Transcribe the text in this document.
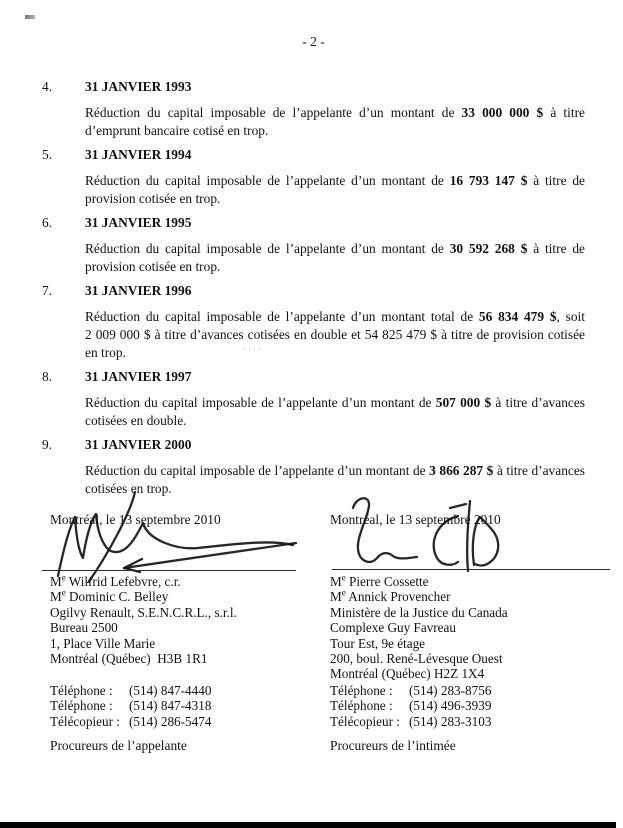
- 2 -
4.	31 JANVIER 1993

Réduction du capital imposable de l’appelante d’un montant de 33 000 000 $ à titre d’emprunt bancaire cotisé en trop.

5.	31 JANVIER 1994

Réduction du capital imposable de l’appelante d’un montant de 16 793 147 $ à titre de provision cotisée en trop.

6.	31 JANVIER 1995

Réduction du capital imposable de l’appelante d’un montant de 30 592 268 $ à titre de provision cotisée en trop.

7.	31 JANVIER 1996

Réduction du capital imposable de l’appelante d’un montant total de 56 834 479 $, soit 2 009 000 $ à titre d’avances cotisées en double et 54 825 479 $ à titre de provision cotisée en trop.

8.	31 JANVIER 1997

Réduction du capital imposable de l’appelante d’un montant de 507 000 $ à titre d’avances cotisées en double.

9.	31 JANVIER 2000

Réduction du capital imposable de l’appelante d’un montant de 3 866 287 $ à titre d’avances cotisées en trop.

····
Montréal, le 13 septembre 2010	Montréal, le 13 septembre 2010
Me Wilfrid Lefebvre, c.r.
Me Dominic C. Belley
Ogilvy Renault, S.E.N.C.R.L., s.r.l.
Bureau 2500
1, Place Ville Marie
Montréal (Québec)  H3B 1R1
Me Pierre Cossette
Me Annick Provencher
Ministère de la Justice du Canada
Complexe Guy Favreau
Tour Est, 9e étage
200, boul. René-Lévesque Ouest
Montréal (Québec) H2Z 1X4
Téléphone : (514) 847-4440
Téléphone : (514) 847-4318
Télécopieur : (514) 286-5474
Téléphone : (514) 283-8756
Téléphone : (514) 496-3939
Télécopieur : (514) 283-3103
Procureurs de l’appelante	Procureurs de l’intimée
